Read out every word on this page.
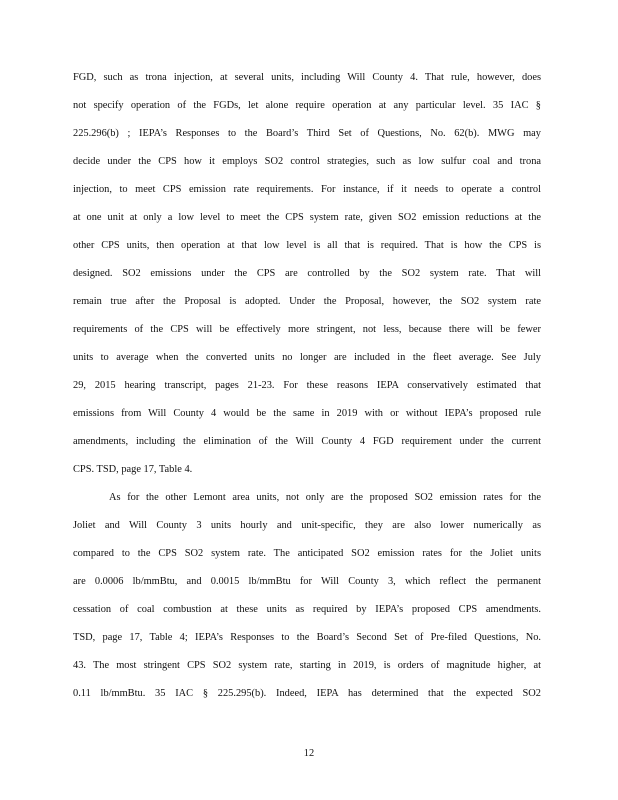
FGD, such as trona injection, at several units, including Will County 4. That rule, however, does
not specify operation of the FGDs, let alone require operation at any particular level. 35 IAC §
225.296(b) ; IEPA’s Responses to the Board’s Third Set of Questions, No. 62(b). MWG may
decide under the CPS how it employs SO2 control strategies, such as low sulfur coal and trona
injection, to meet CPS emission rate requirements. For instance, if it needs to operate a control
at one unit at only a low level to meet the CPS system rate, given SO2 emission reductions at the
other CPS units, then operation at that low level is all that is required. That is how the CPS is
designed. SO2 emissions under the CPS are controlled by the SO2 system rate. That will
remain true after the Proposal is adopted. Under the Proposal, however, the SO2 system rate
requirements of the CPS will be effectively more stringent, not less, because there will be fewer
units to average when the converted units no longer are included in the fleet average. See July
29, 2015 hearing transcript, pages 21-23. For these reasons IEPA conservatively estimated that
emissions from Will County 4 would be the same in 2019 with or without IEPA’s proposed rule
amendments, including the elimination of the Will County 4 FGD requirement under the current
CPS. TSD, page 17, Table 4.
As for the other Lemont area units, not only are the proposed SO2 emission rates for the
Joliet and Will County 3 units hourly and unit-specific, they are also lower numerically as
compared to the CPS SO2 system rate. The anticipated SO2 emission rates for the Joliet units
are 0.0006 lb/mmBtu, and 0.0015 lb/mmBtu for Will County 3, which reflect the permanent
cessation of coal combustion at these units as required by IEPA’s proposed CPS amendments.
TSD, page 17, Table 4; IEPA’s Responses to the Board’s Second Set of Pre-filed Questions, No.
43. The most stringent CPS SO2 system rate, starting in 2019, is orders of magnitude higher, at
0.11 lb/mmBtu. 35 IAC § 225.295(b). Indeed, IEPA has determined that the expected SO2
12
